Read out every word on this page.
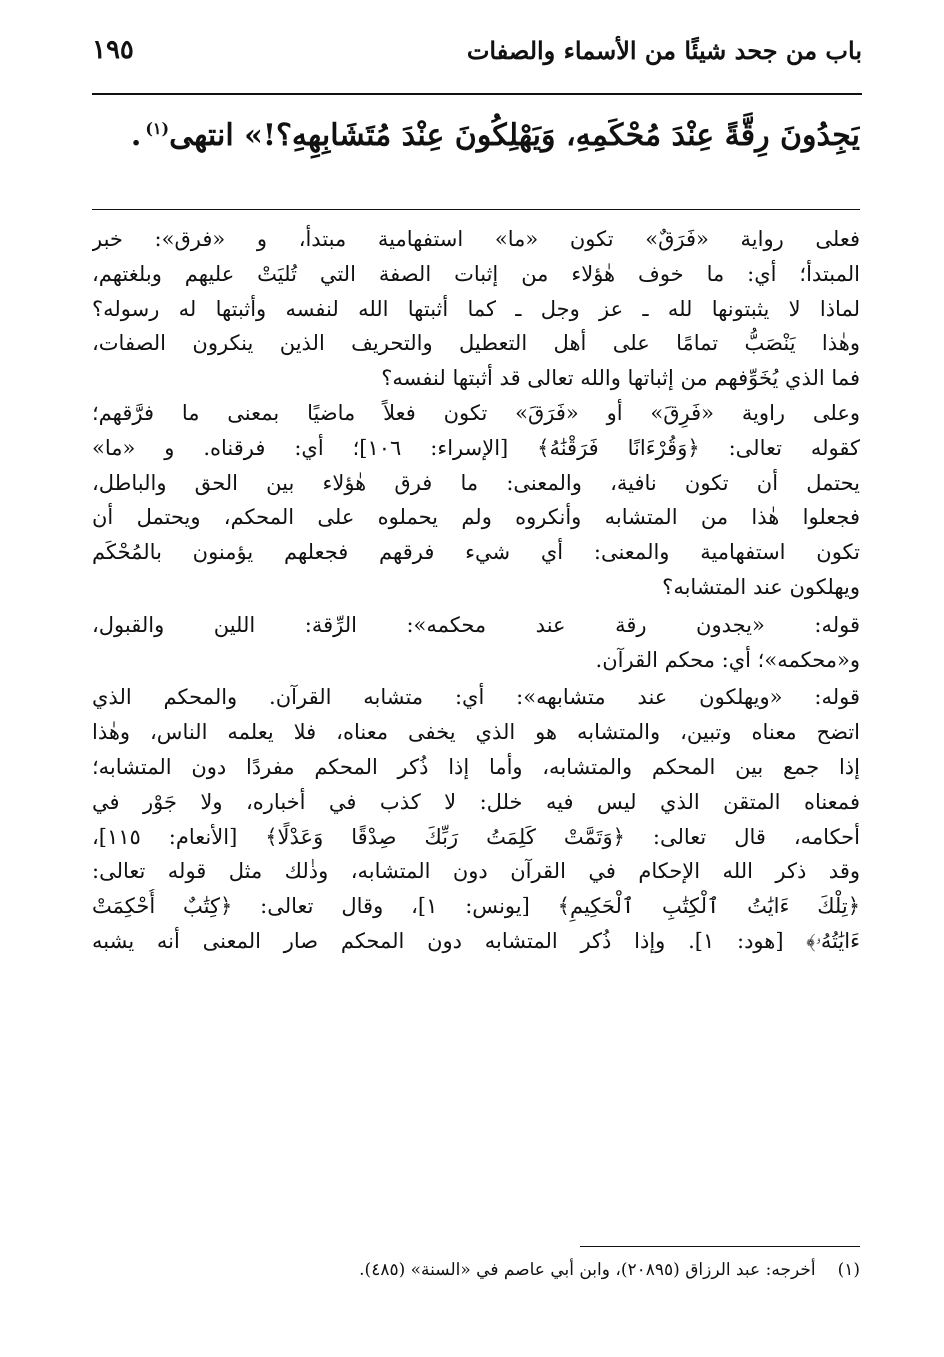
١٩٥	باب من جحد شيئًا من الأسماء والصفات
يَجِدُونَ رِقَّةً عِنْدَ مُحْكَمِهِ، وَيَهْلِكُونَ عِنْدَ مُتَشَابِهِهِ؟!» انتهى$^{(١)}$.
فعلى رواية «فَرَقٌ» تكون «ما» استفهامية مبتدأ، و «فرق»: خبر
المبتدأ؛ أي: ما خوف هٰؤلاء من إثبات الصفة التي تُليَتْ عليهم وبلغتهم،
لماذا لا يثبتونها لله ـ عز وجل ـ كما أثبتها الله لنفسه وأثبتها له رسوله؟
وهٰذا يَنْصَبُّ تمامًا على أهل التعطيل والتحريف الذين ينكرون الصفات،
فما الذي يُخَوِّفهم من إثباتها والله تعالى قد أثبتها لنفسه؟
وعلى راوية «فَرِقَ» أو «فَرَقَ» تكون فعلاً ماضيًا بمعنى ما فرَّقهم؛
كقوله تعالى: ﴿وَقُرْءَانًا فَرَقْنَٰهُ﴾ [الإسراء: ١٠٦]؛ أي: فرقناه. و «ما»
يحتمل أن تكون نافية، والمعنى: ما فرق هٰؤلاء بين الحق والباطل،
فجعلوا هٰذا من المتشابه وأنكروه ولم يحملوه على المحكم، ويحتمل أن
تكون استفهامية والمعنى: أي شيء فرقهم فجعلهم يؤمنون بالمُحْكَم
ويهلكون عند المتشابه؟
قوله: «يجدون رقة عند محكمه»: الرِّقة: اللين والقبول،
و«محكمه»؛ أي: محكم القرآن.
قوله: «ويهلكون عند متشابهه»: أي: متشابه القرآن. والمحكم الذي
اتضح معناه وتبين، والمتشابه هو الذي يخفى معناه، فلا يعلمه الناس، وهٰذا
إذا جمع بين المحكم والمتشابه، وأما إذا ذُكر المحكم مفردًا دون المتشابه؛
فمعناه المتقن الذي ليس فيه خلل: لا كذب في أخباره، ولا جَوْر في
أحكامه، قال تعالى: ﴿وَتَمَّتْ كَلِمَتُ رَبِّكَ صِدْقًا وَعَدْلًا﴾ [الأنعام: ١١٥]،
وقد ذكر الله الإحكام في القرآن دون المتشابه، وذٰلك مثل قوله تعالى:
﴿تِلْكَ ءَايَٰتُ ٱلْكِتَٰبِ ٱلْحَكِيمِ﴾ [يونس: ١]، وقال تعالى: ﴿كِتَٰبٌ أُحْكِمَتْ
ءَايَٰتُهُۥ﴾ [هود: ١]. وإذا ذُكر المتشابه دون المحكم صار المعنى أنه يشبه
(١)أخرجه: عبد الرزاق (٢٠٨٩٥)، وابن أبي عاصم في «السنة» (٤٨٥).
